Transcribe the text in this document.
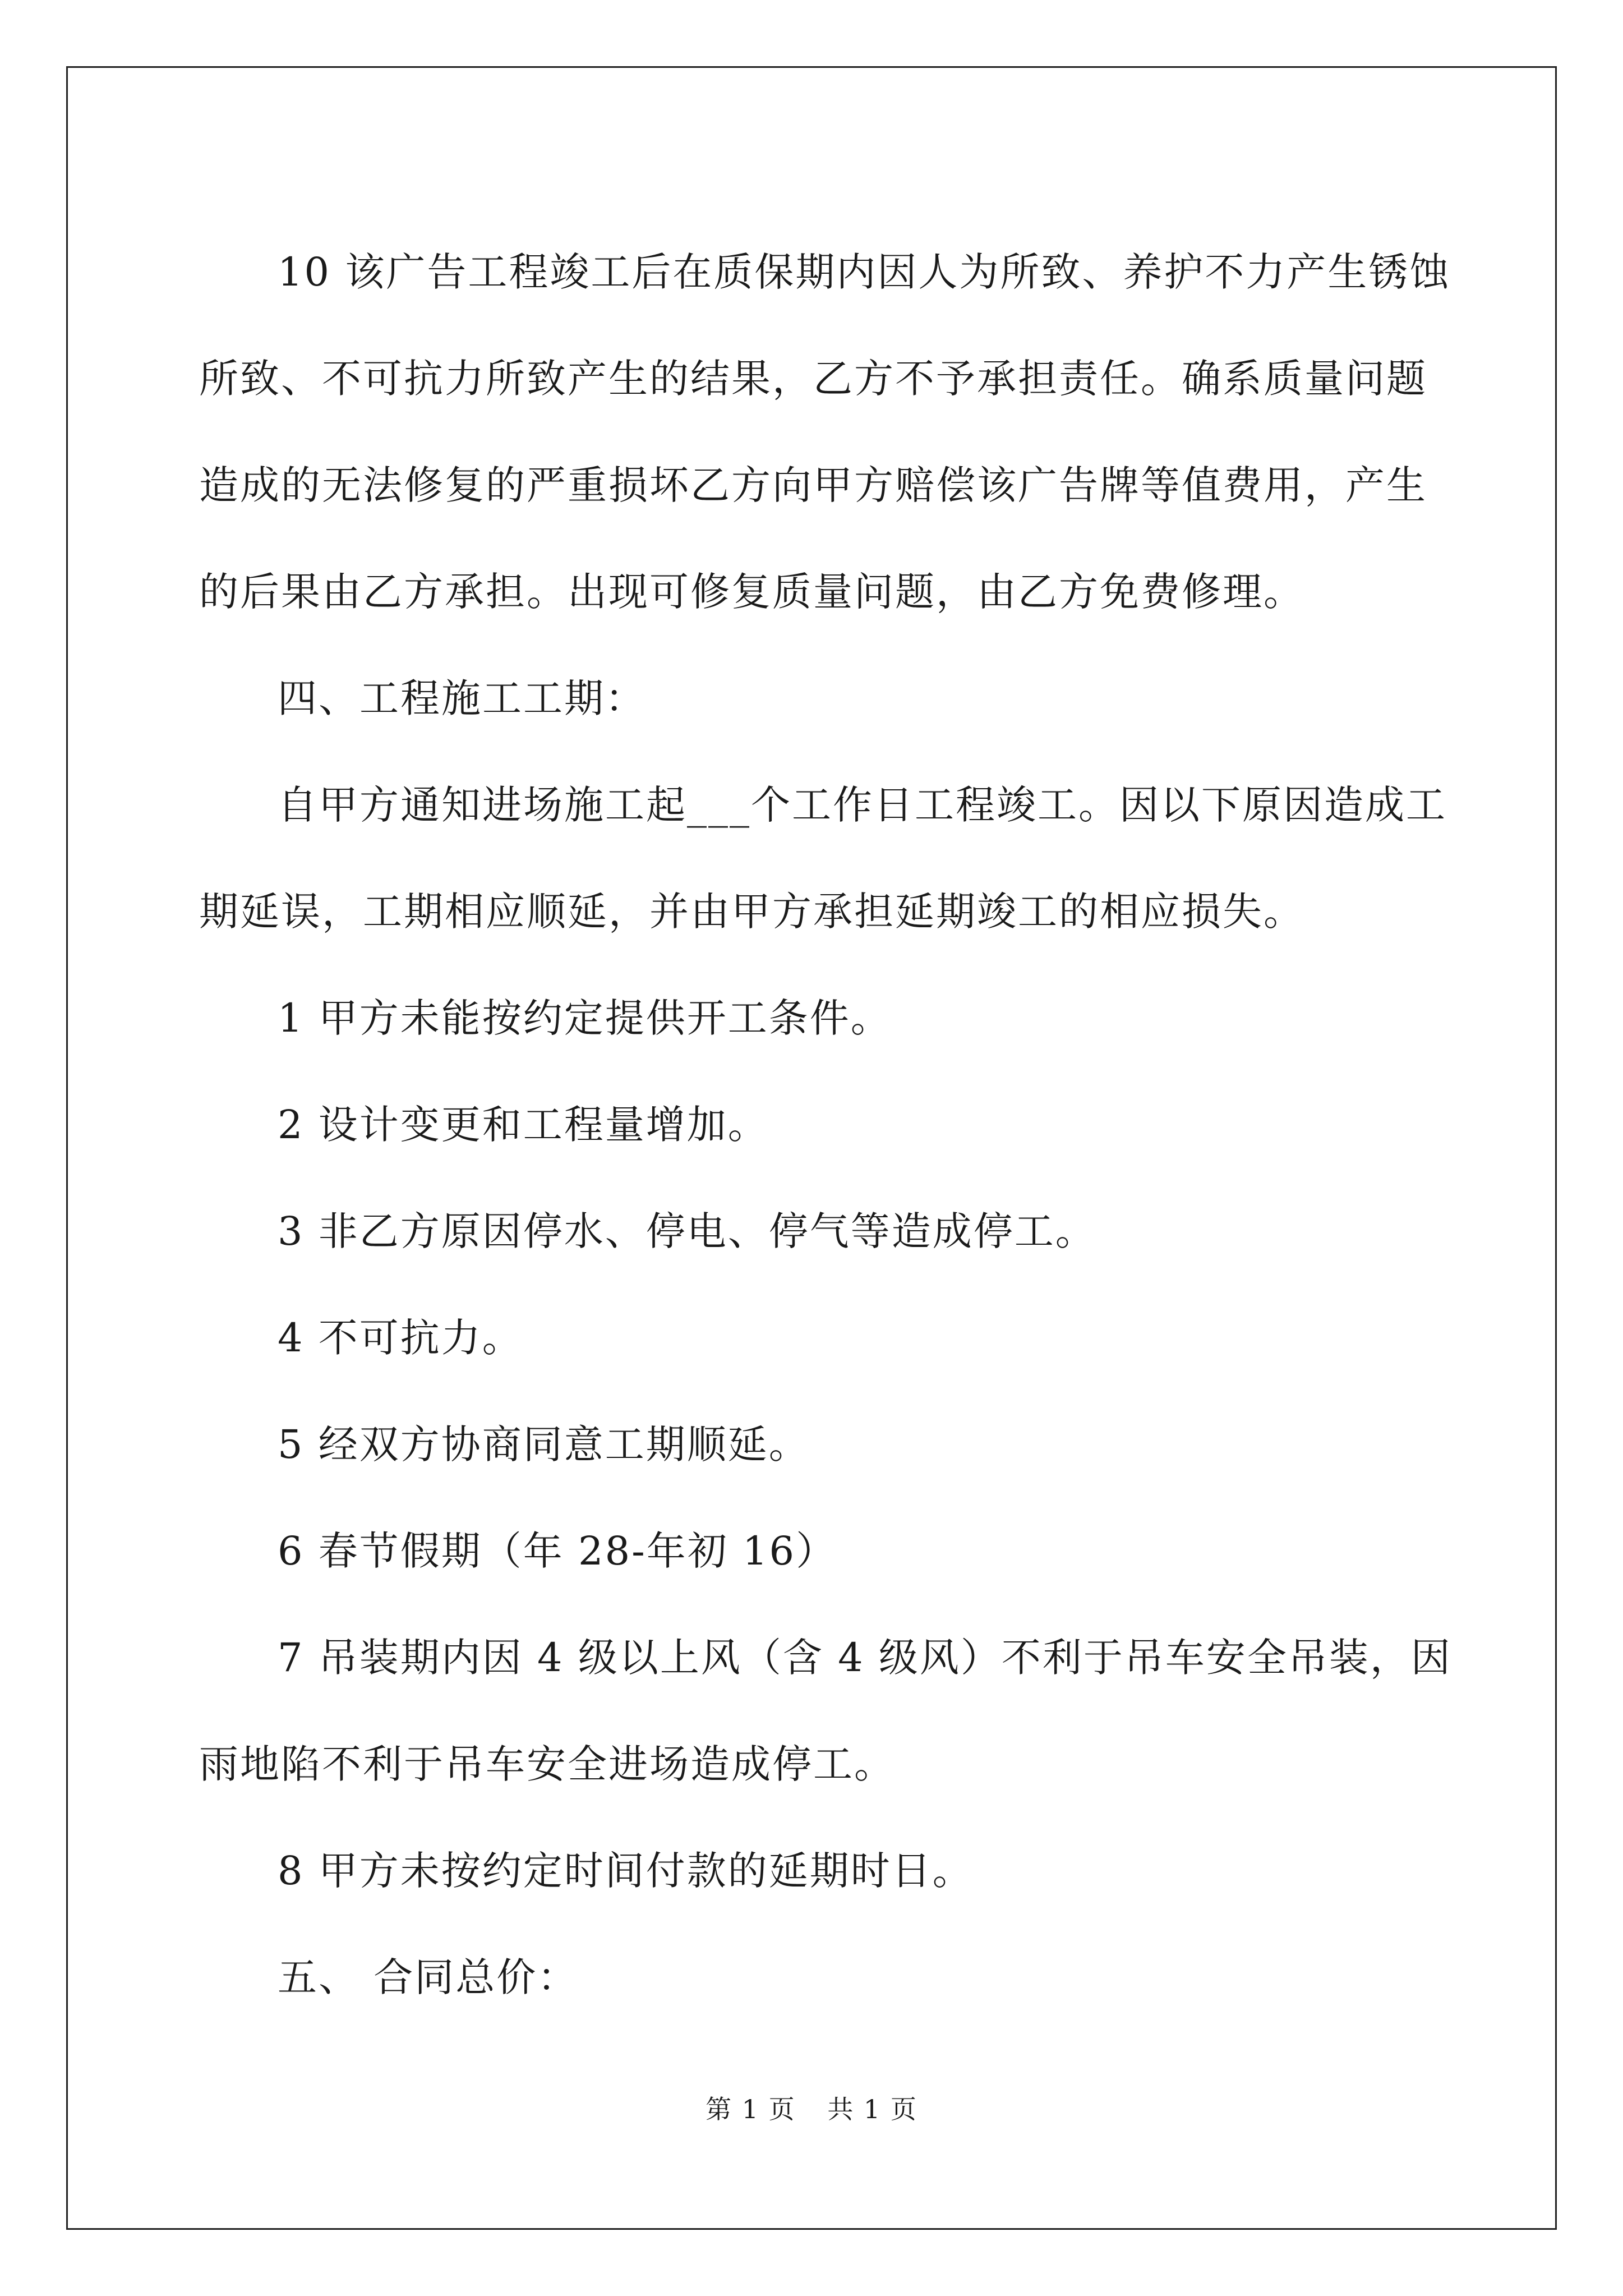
10 该广告工程竣工后在质保期内因人为所致、养护不力产生锈蚀

所致、不可抗力所致产生的结果，乙方不予承担责任。确系质量问题

造成的无法修复的严重损坏乙方向甲方赔偿该广告牌等值费用，产生

的后果由乙方承担。出现可修复质量问题，由乙方免费修理。

四、工程施工工期：

自甲方通知进场施工起___个工作日工程竣工。因以下原因造成工

期延误，工期相应顺延，并由甲方承担延期竣工的相应损失。

1 甲方未能按约定提供开工条件。

2 设计变更和工程量增加。

3 非乙方原因停水、停电、停气等造成停工。

4 不可抗力。

5 经双方协商同意工期顺延。

6 春节假期（年 28-年初 16）

7 吊装期内因 4 级以上风（含 4 级风）不利于吊车安全吊装，因

雨地陷不利于吊车安全进场造成停工。

8 甲方未按约定时间付款的延期时日。

五、 合同总价：

第 1 页 共 1 页
